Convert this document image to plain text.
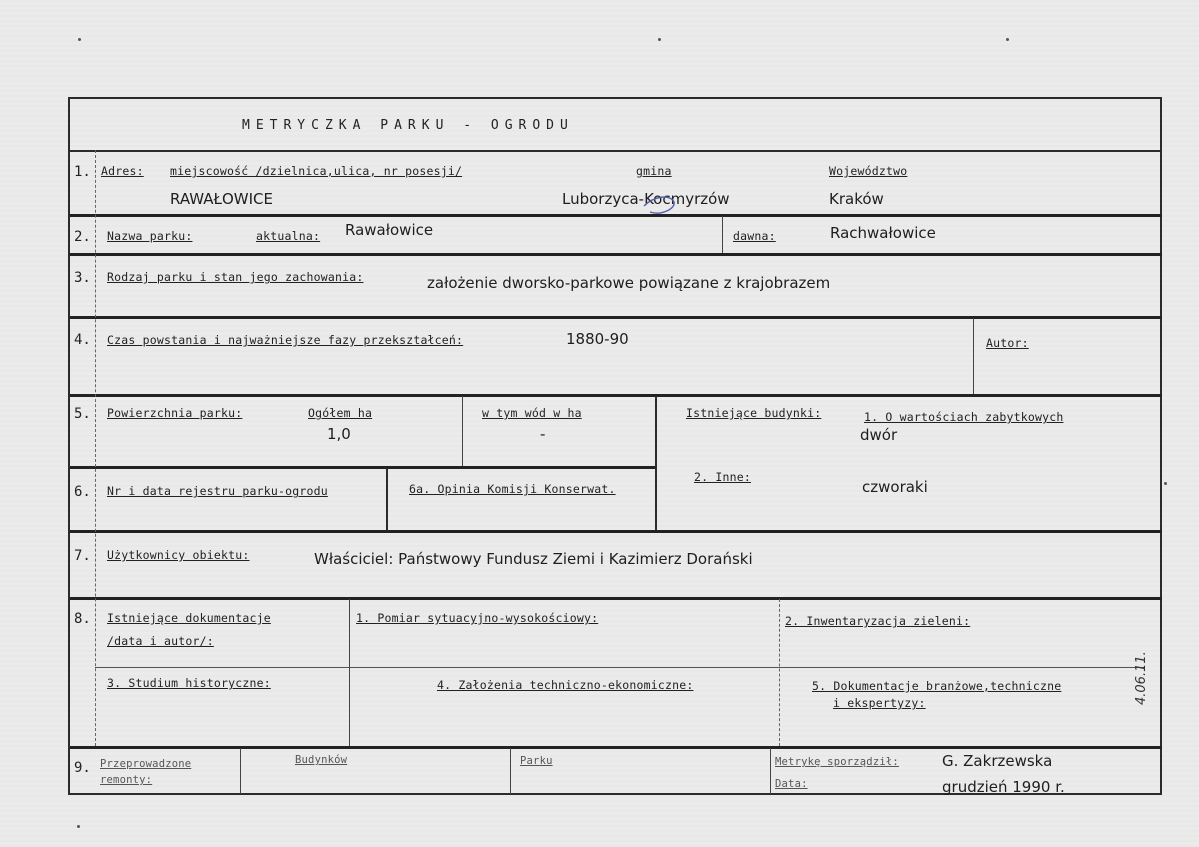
METRYCZKA PARKU - OGRODU
1. Adres: miejscowość /dzielnica,ulica, nr posesji/
RAWAŁOWICE
gmina
Luborzyca-Kocmyrzów
Województwo
Kraków
2. Nazwa parku:	aktualna: Rawałowice	dawna:	Rachwałowice
3. Rodzaj parku i stan jego zachowania:	założenie dworsko-parkowe powiązane z krajobrazem
4. Czas powstania i najważniejsze fazy przekształceń:	1880-90	Autor:
5. Powierzchnia parku:	Ogółem ha
1,0
w tym wód w ha
-
Istniejące budynki:	1. O wartościach zabytkowych
dwór
2. Inne:
czworaki
6. Nr i data rejestru parku-ogrodu	6a. Opinia Komisji Konserwat.
7. Użytkownicy obiektu:	Właściciel: Państwowy Fundusz Ziemi i Kazimierz Dorański
8. Istniejące dokumentacje
/data i autor/:
1. Pomiar sytuacyjno-wysokościowy:	2. Inwentaryzacja zieleni:
3. Studium historyczne:	4. Założenia techniczno-ekonomiczne:	5. Dokumentacje branżowe,techniczne
i ekspertyzy:
9. Przeprowadzone
remonty:
Budynków	Parku	Metrykę sporządził:	G. Zakrzewska
Data:	grudzień 1990 r.
4.06.11.
